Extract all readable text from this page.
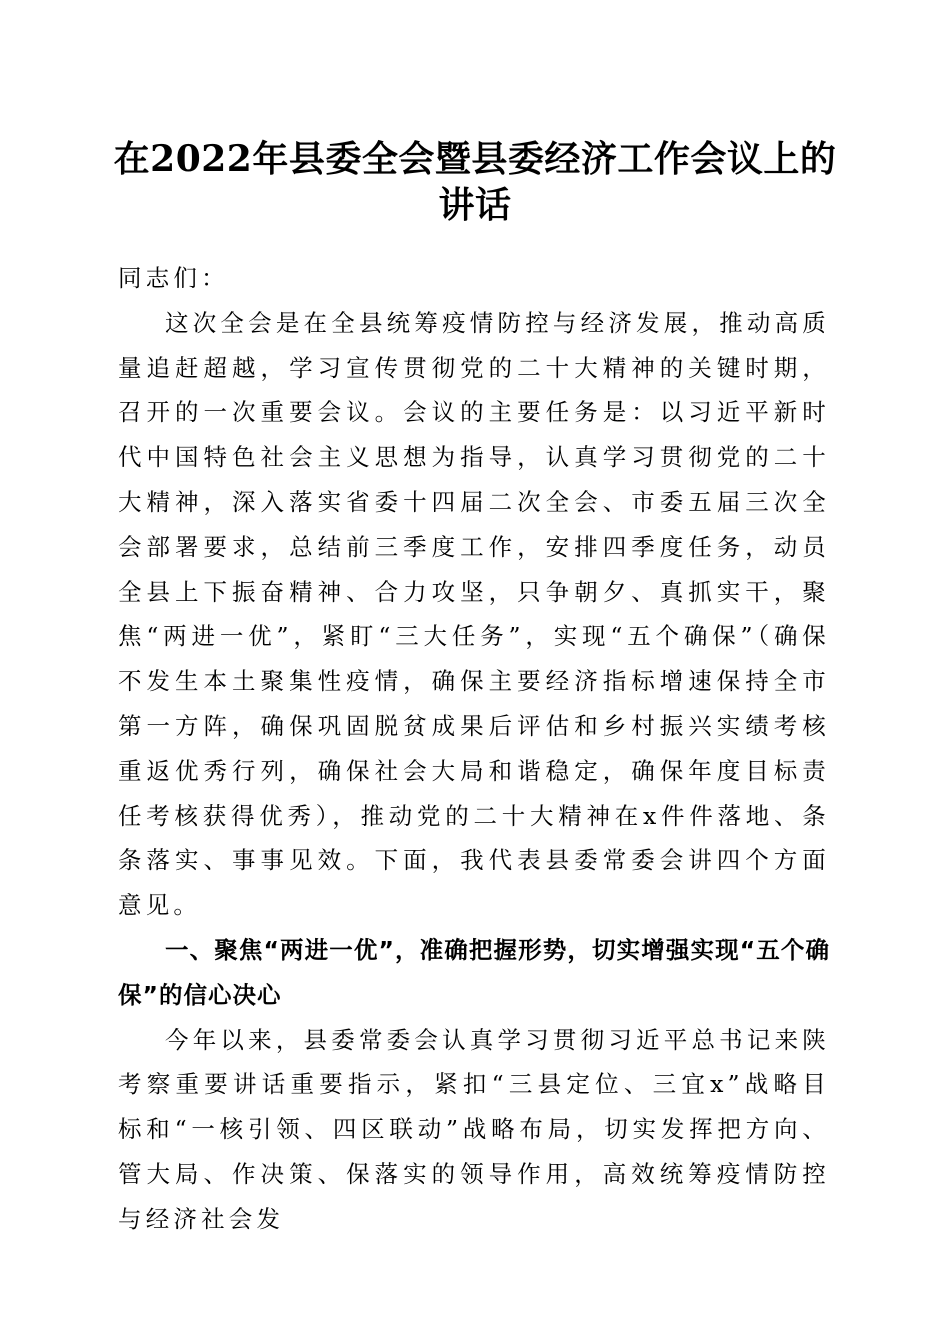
在2022年县委全会暨县委经济工作会议上的讲话

同志们：

这次全会是在全县统筹疫情防控与经济发展，推动高质量追赶超越，学习宣传贯彻党的二十大精神的关键时期，召开的一次重要会议。会议的主要任务是：以习近平新时代中国特色社会主义思想为指导，认真学习贯彻党的二十大精神，深入落实省委十四届二次全会、市委五届三次全会部署要求，总结前三季度工作，安排四季度任务，动员全县上下振奋精神、合力攻坚，只争朝夕、真抓实干，聚焦“两进一优”，紧盯“三大任务”，实现“五个确保”（确保不发生本土聚集性疫情，确保主要经济指标增速保持全市第一方阵，确保巩固脱贫成果后评估和乡村振兴实绩考核重返优秀行列，确保社会大局和谐稳定，确保年度目标责任考核获得优秀），推动党的二十大精神在x件件落地、条条落实、事事见效。下面，我代表县委常委会讲四个方面意见。

一、聚焦“两进一优”，准确把握形势，切实增强实现“五个确保”的信心决心

今年以来，县委常委会认真学习贯彻习近平总书记来陕考察重要讲话重要指示，紧扣“三县定位、三宜x”战略目标和“一核引领、四区联动”战略布局，切实发挥把方向、管大局、作决策、保落实的领导作用，高效统筹疫情防控与经济社会发
